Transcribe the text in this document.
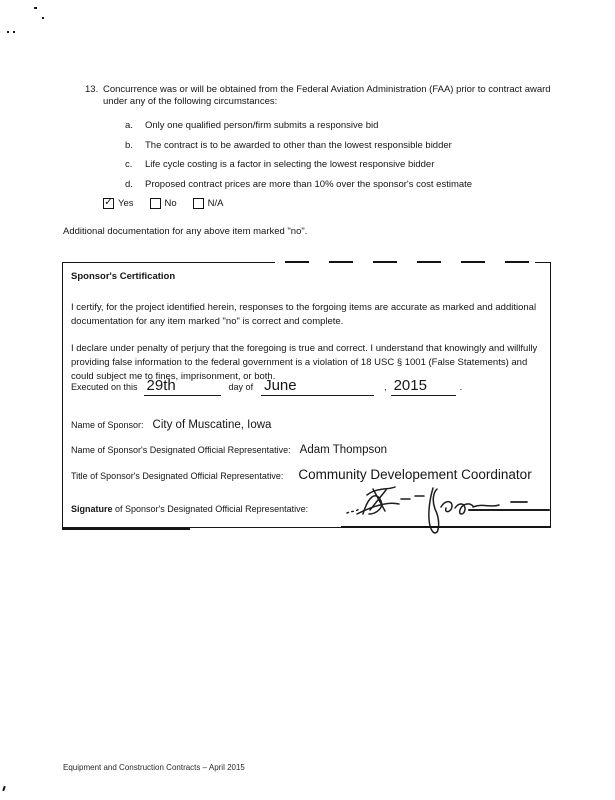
13. Concurrence was or will be obtained from the Federal Aviation Administration (FAA) prior to contract award under any of the following circumstances:
a.	Only one qualified person/firm submits a responsive bid
b.	The contract is to be awarded to other than the lowest responsible bidder
c.	Life cycle costing is a factor in selecting the lowest responsive bidder
d.	Proposed contract prices are more than 10% over the sponsor's cost estimate
✓ Yes	No	N/A
Additional documentation for any above item marked "no".
Sponsor's Certification
I certify, for the project identified herein, responses to the forgoing items are accurate as marked and additional documentation for any item marked "no" is correct and complete.
I declare under penalty of perjury that the foregoing is true and correct. I understand that knowingly and willfully providing false information to the federal government is a violation of 18 USC § 1001 (False Statements) and could subject me to fines, imprisonment, or both.
Executed on this 29th	day of June	, 2015	.
Name of Sponsor: City of Muscatine, Iowa
Name of Sponsor's Designated Official Representative: Adam Thompson
Title of Sponsor's Designated Official Representative: Community Developement Coordinator
Signature of Sponsor's Designated Official Representative:
Equipment and Construction Contracts – April 2015
